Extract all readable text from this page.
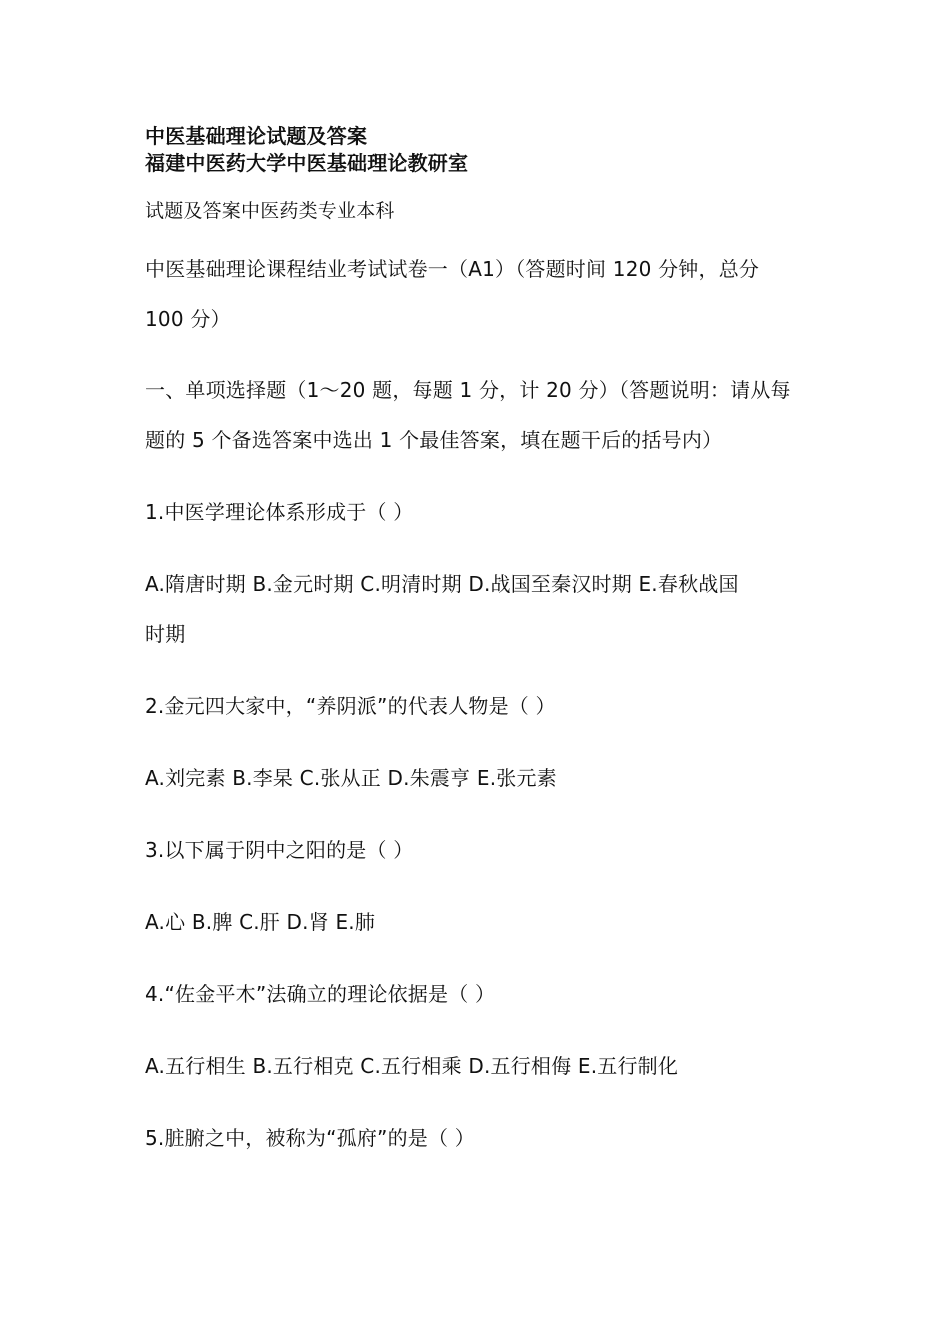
中医基础理论试题及答案
福建中医药大学中医基础理论教研室
试题及答案中医药类专业本科
中医基础理论课程结业考试试卷一（A1）（答题时间 120 分钟，总分
100 分）
一、单项选择题（1～20 题，每题 1 分，计 20 分）（答题说明：请从每
题的 5 个备选答案中选出 1 个最佳答案，填在题干后的括号内）
1.中医学理论体系形成于（ ）
A.隋唐时期 B.金元时期 C.明清时期 D.战国至秦汉时期 E.春秋战国
时期
2.金元四大家中，“养阴派”的代表人物是（ ）
A.刘完素 B.李杲 C.张从正 D.朱震亨 E.张元素
3.以下属于阴中之阳的是（ ）
A.心 B.脾 C.肝 D.肾 E.肺
4.“佐金平木”法确立的理论依据是（ ）
A.五行相生 B.五行相克 C.五行相乘 D.五行相侮 E.五行制化
5.脏腑之中，被称为“孤府”的是（ ）
